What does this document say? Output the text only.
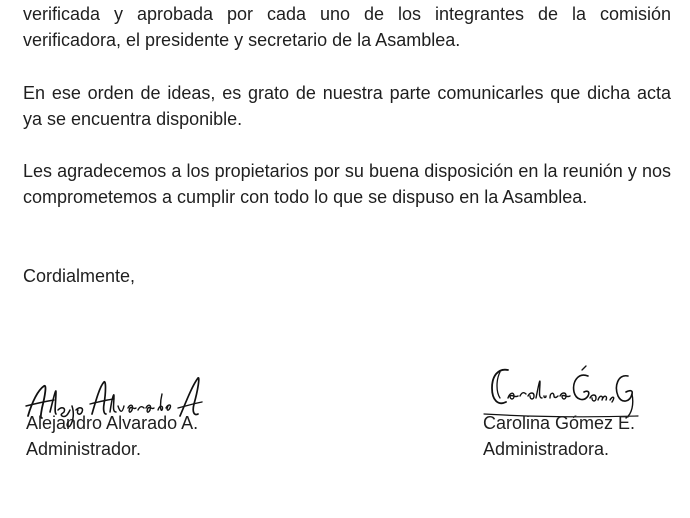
verificada y aprobada por cada uno de los integrantes de la comisión verificadora, el presidente y secretario de la Asamblea.

En ese orden de ideas, es grato de nuestra parte comunicarles que dicha acta ya se encuentra disponible.

Les agradecemos a los propietarios por su buena disposición en la reunión y nos comprometemos a cumplir con todo lo que se dispuso en la Asamblea.

Cordialmente,

Alejandro Alvarado A.
Administrador.
Carolina Gómez E.
Administradora.
